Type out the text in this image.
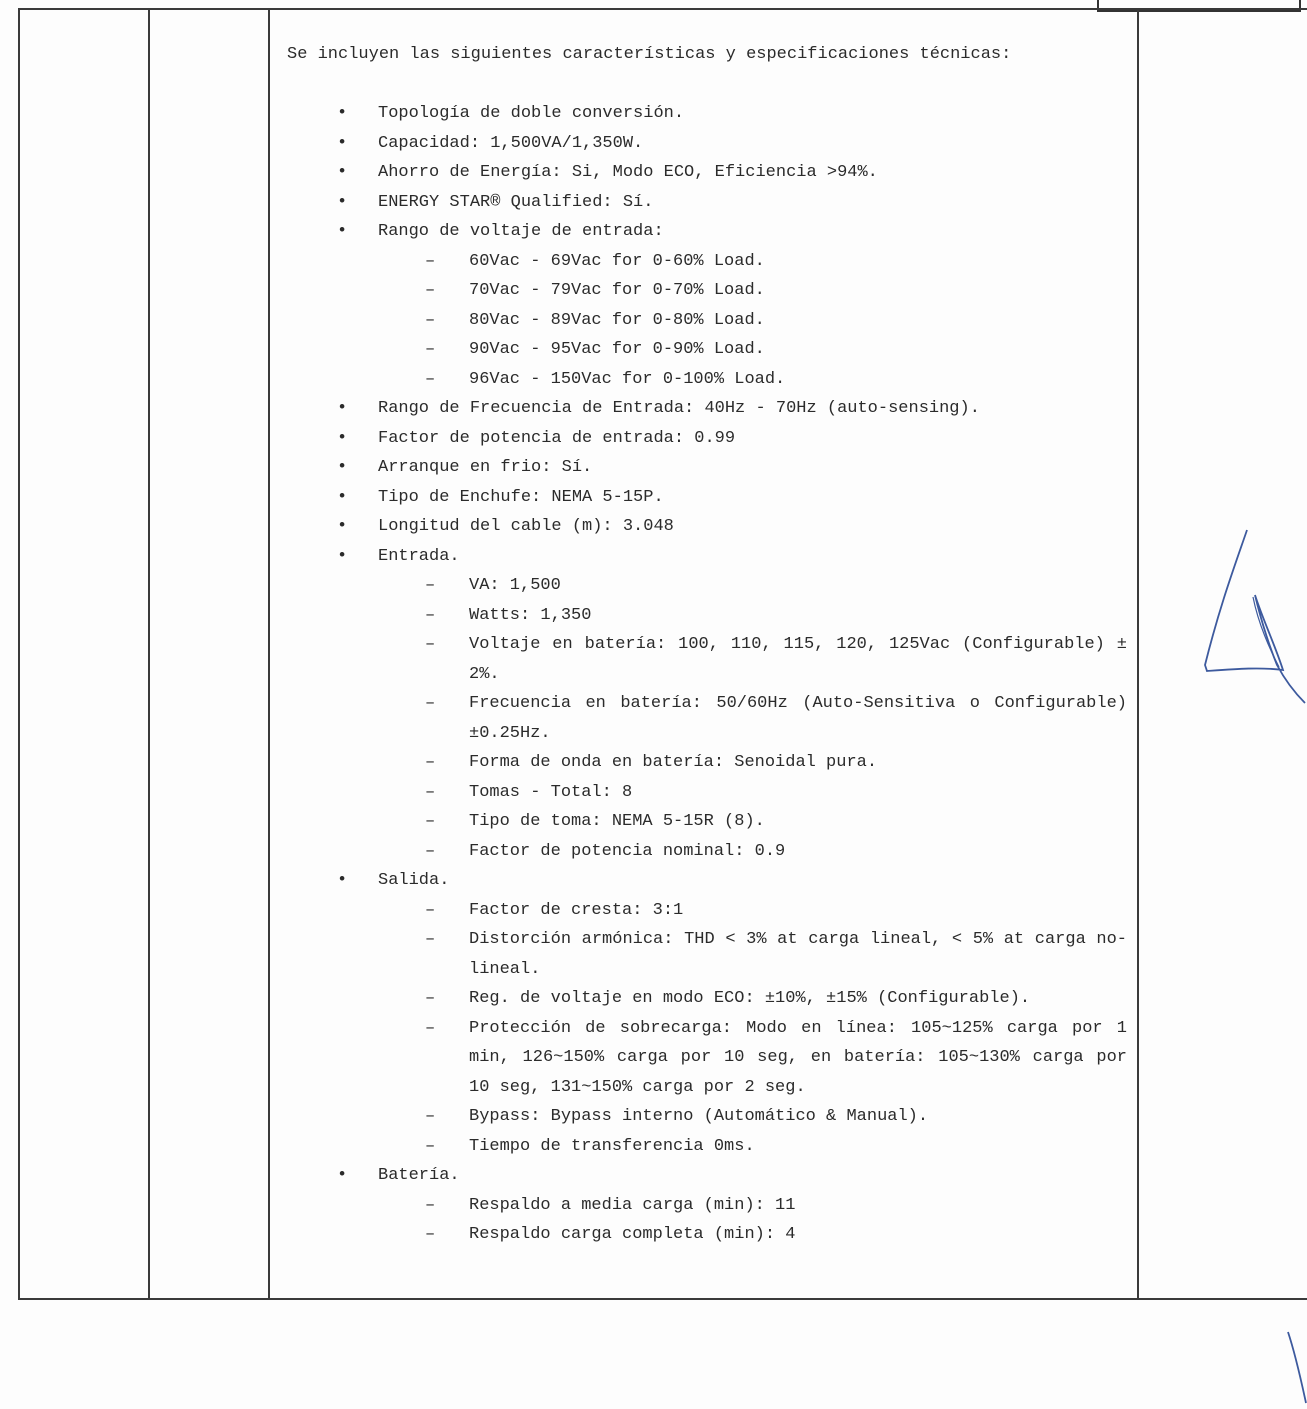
Se incluyen las siguientes características y especificaciones técnicas:

• Topología de doble conversión.
• Capacidad: 1,500VA/1,350W.
• Ahorro de Energía: Si, Modo ECO, Eficiencia >94%.
• ENERGY STAR® Qualified: Sí.
• Rango de voltaje de entrada:
– 60Vac - 69Vac for 0-60% Load.
– 70Vac - 79Vac for 0-70% Load.
– 80Vac - 89Vac for 0-80% Load.
– 90Vac - 95Vac for 0-90% Load.
– 96Vac - 150Vac for 0-100% Load.
• Rango de Frecuencia de Entrada: 40Hz - 70Hz (auto-sensing).
• Factor de potencia de entrada: 0.99
• Arranque en frio: Sí.
• Tipo de Enchufe: NEMA 5-15P.
• Longitud del cable (m): 3.048
• Entrada.
– VA: 1,500
– Watts: 1,350
– Voltaje en batería: 100, 110, 115, 120, 125Vac (Configurable) ± 2%.
– Frecuencia en batería: 50/60Hz (Auto-Sensitiva o Configurable) ±0.25Hz.
– Forma de onda en batería: Senoidal pura.
– Tomas - Total: 8
– Tipo de toma: NEMA 5-15R (8).
– Factor de potencia nominal: 0.9
• Salida.
– Factor de cresta: 3:1
– Distorción armónica: THD < 3% at carga lineal, < 5% at carga no-lineal.
– Reg. de voltaje en modo ECO: ±10%, ±15% (Configurable).
– Protección de sobrecarga: Modo en línea: 105~125% carga por 1 min, 126~150% carga por 10 seg, en batería: 105~130% carga por 10 seg, 131~150% carga por 2 seg.
– Bypass: Bypass interno (Automático & Manual).
– Tiempo de transferencia 0ms.
• Batería.
– Respaldo a media carga (min): 11
– Respaldo carga completa (min): 4
